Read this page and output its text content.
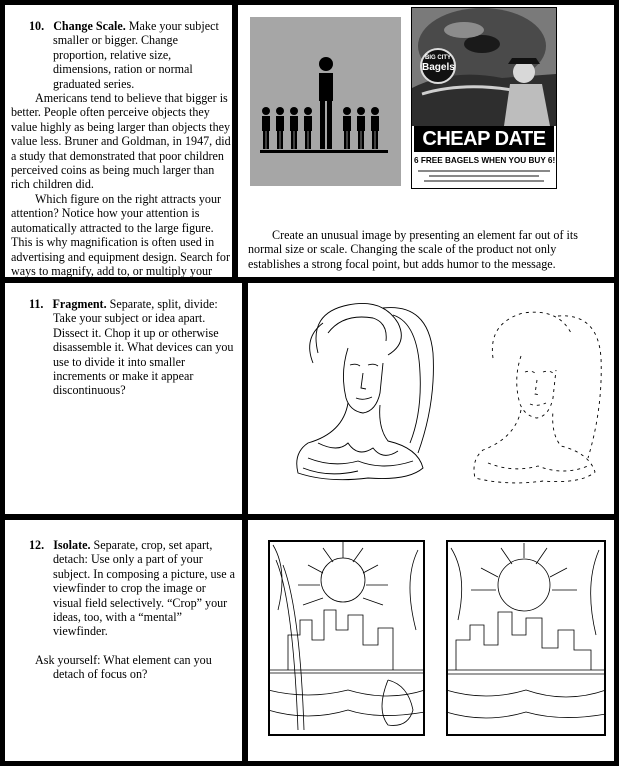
10. Change Scale. Make your subject smaller or bigger. Change proportion, relative size, dimensions, ration or normal graduated series.

Americans tend to believe that bigger is better. People often perceive objects they value highly as being larger than objects they value less. Bruner and Goldman, in 1947, did a study that demonstrated that poor children perceived coins as being much larger than rich children did.

Which figure on the right attracts your attention? Notice how your attention is automatically attracted to the large figure. This is why magnification is often used in advertising and equipment design. Search for ways to magnify, add to, or multiply your

BIG CITY
Bagels
CHEAP DATE
6 FREE BAGELS WHEN YOU BUY 6!

Create an unusual image by presenting an element far out of its normal size or scale. Changing the scale of the product not only establishes a strong focal point, but adds humor to the message.

11. Fragment. Separate, split, divide: Take your subject or idea apart. Dissect it. Chop it up or otherwise disassemble it. What devices can you use to divide it into smaller increments or make it appear discontinuous?

12. Isolate. Separate, crop, set apart, detach: Use only a part of your subject. In composing a picture, use a viewfinder to crop the image or visual field selectively. “Crop” your ideas, too, with a “mental” viewfinder.

Ask yourself: What element can you detach of focus on?
